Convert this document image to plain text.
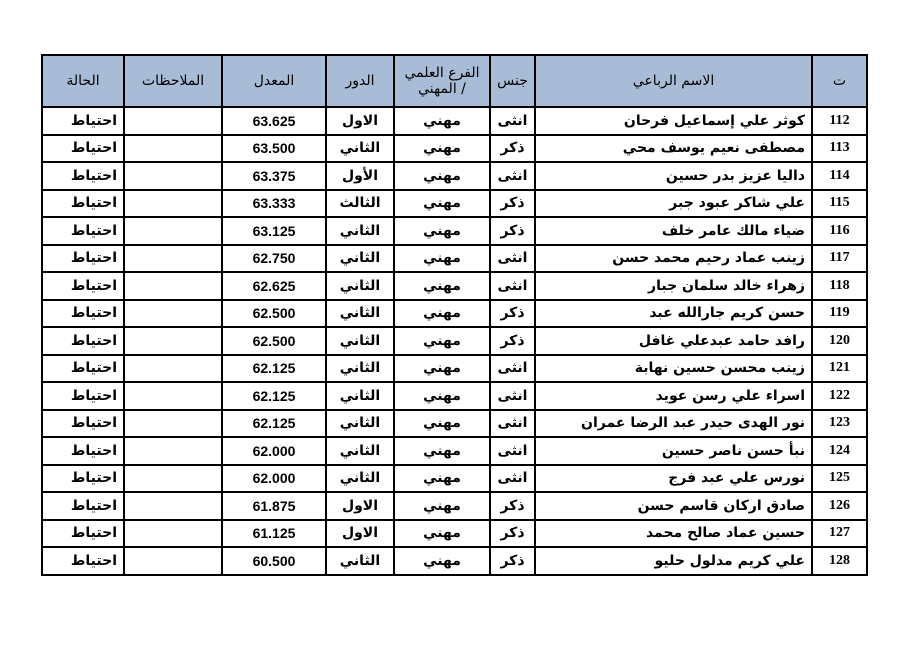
ت	الاسم الرباعي	جنس	الفرع العلمي / المهني	الدور	المعدل	الملاحظات	الحالة
112	كوثر علي إسماعيل فرحان	انثى	مهني	الاول	63.625		احتياط
113	مصطفى نعيم يوسف محي	ذكر	مهني	الثاني	63.500		احتياط
114	داليا عزيز بدر حسين	انثى	مهني	الأول	63.375		احتياط
115	علي شاكر عبود جبر	ذكر	مهني	الثالث	63.333		احتياط
116	ضياء مالك عامر خلف	ذكر	مهني	الثاني	63.125		احتياط
117	زينب عماد رحيم محمد حسن	انثى	مهني	الثاني	62.750		احتياط
118	زهراء خالد سلمان جبار	انثى	مهني	الثاني	62.625		احتياط
119	حسن كريم جارالله عبد	ذكر	مهني	الثاني	62.500		احتياط
120	رافد حامد عبدعلي غافل	ذكر	مهني	الثاني	62.500		احتياط
121	زينب محسن حسين نهابة	انثى	مهني	الثاني	62.125		احتياط
122	اسراء علي رسن عويد	انثى	مهني	الثاني	62.125		احتياط
123	نور الهدى حيدر عبد الرضا عمران	انثى	مهني	الثاني	62.125		احتياط
124	نبأ حسن ناصر حسين	انثى	مهني	الثاني	62.000		احتياط
125	نورس علي عبد فرج	انثى	مهني	الثاني	62.000		احتياط
126	صادق اركان قاسم حسن	ذكر	مهني	الاول	61.875		احتياط
127	حسين عماد صالح محمد	ذكر	مهني	الاول	61.125		احتياط
128	علي كريم مدلول حليو	ذكر	مهني	الثاني	60.500		احتياط
